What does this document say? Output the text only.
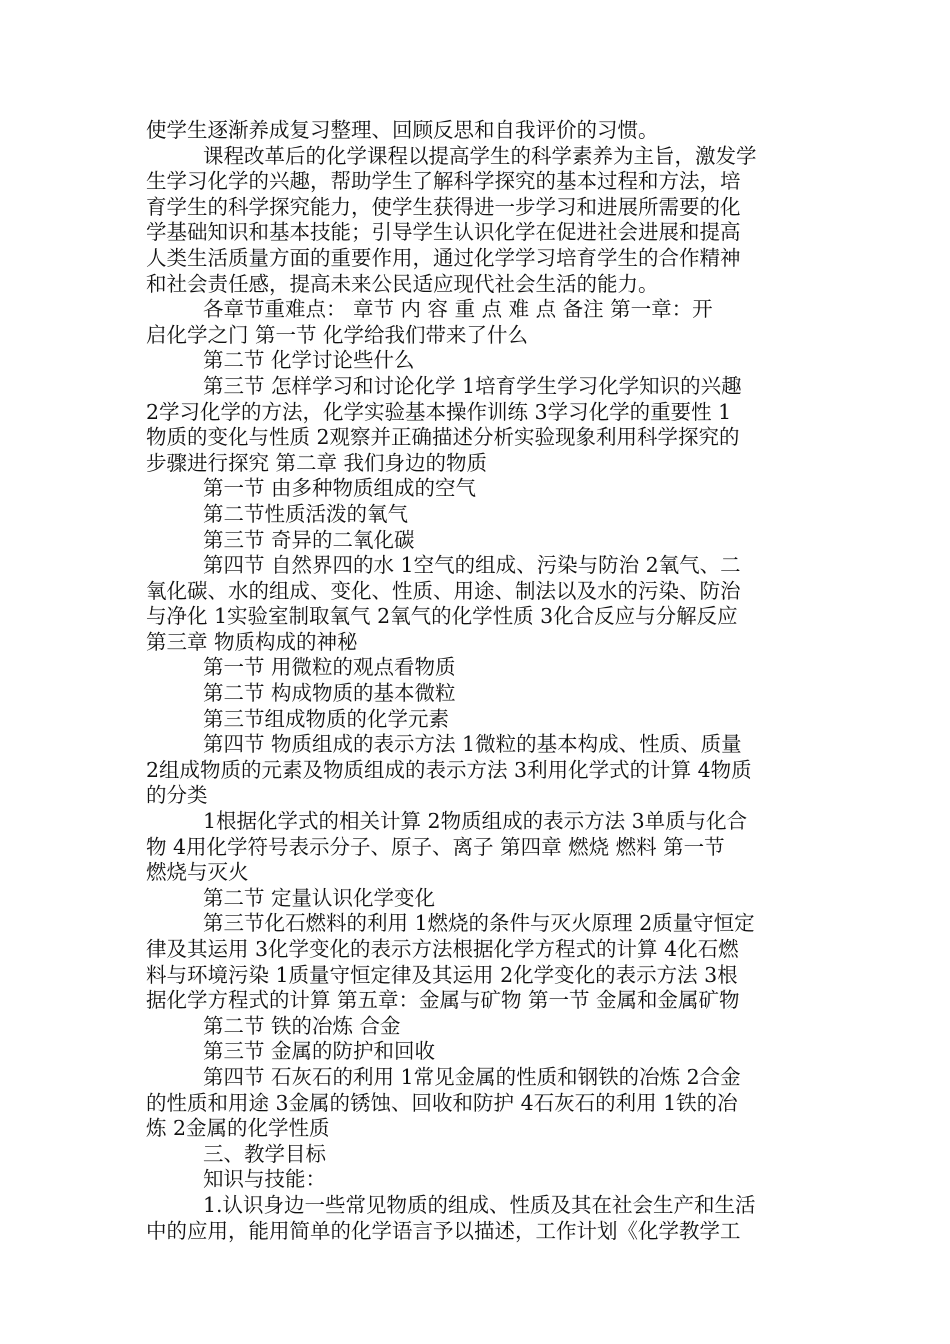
使学生逐渐养成复习整理、回顾反思和自我评价的习惯。
课程改革后的化学课程以提高学生的科学素养为主旨，激发学
生学习化学的兴趣，帮助学生了解科学探究的基本过程和方法，培
育学生的科学探究能力，使学生获得进一步学习和进展所需要的化
学基础知识和基本技能；引导学生认识化学在促进社会进展和提高
人类生活质量方面的重要作用，通过化学学习培育学生的合作精神
和社会责任感，提高未来公民适应现代社会生活的能力。
各章节重难点： 章节 内 容 重 点 难 点 备注 第一章：开
启化学之门 第一节 化学给我们带来了什么
第二节 化学讨论些什么
第三节 怎样学习和讨论化学 1培育学生学习化学知识的兴趣
2学习化学的方法，化学实验基本操作训练 3学习化学的重要性 1
物质的变化与性质 2观察并正确描述分析实验现象利用科学探究的
步骤进行探究 第二章 我们身边的物质
第一节 由多种物质组成的空气
第二节性质活泼的氧气
第三节 奇异的二氧化碳
第四节 自然界四的水 1空气的组成、污染与防治 2氧气、二
氧化碳、水的组成、变化、性质、用途、制法以及水的污染、防治
与净化 1实验室制取氧气 2氧气的化学性质 3化合反应与分解反应
第三章 物质构成的神秘
第一节 用微粒的观点看物质
第二节 构成物质的基本微粒
第三节组成物质的化学元素
第四节 物质组成的表示方法 1微粒的基本构成、性质、质量
2组成物质的元素及物质组成的表示方法 3利用化学式的计算 4物质
的分类
1根据化学式的相关计算 2物质组成的表示方法 3单质与化合
物 4用化学符号表示分子、原子、离子 第四章 燃烧 燃料 第一节
燃烧与灭火
第二节 定量认识化学变化
第三节化石燃料的利用 1燃烧的条件与灭火原理 2质量守恒定
律及其运用 3化学变化的表示方法根据化学方程式的计算 4化石燃
料与环境污染 1质量守恒定律及其运用 2化学变化的表示方法 3根
据化学方程式的计算 第五章：金属与矿物 第一节 金属和金属矿物
第二节 铁的冶炼 合金
第三节 金属的防护和回收
第四节 石灰石的利用 1常见金属的性质和钢铁的冶炼 2合金
的性质和用途 3金属的锈蚀、回收和防护 4石灰石的利用 1铁的冶
炼 2金属的化学性质
三、教学目标
知识与技能：
1.认识身边一些常见物质的组成、性质及其在社会生产和生活
中的应用，能用简单的化学语言予以描述，工作计划《化学教学工
